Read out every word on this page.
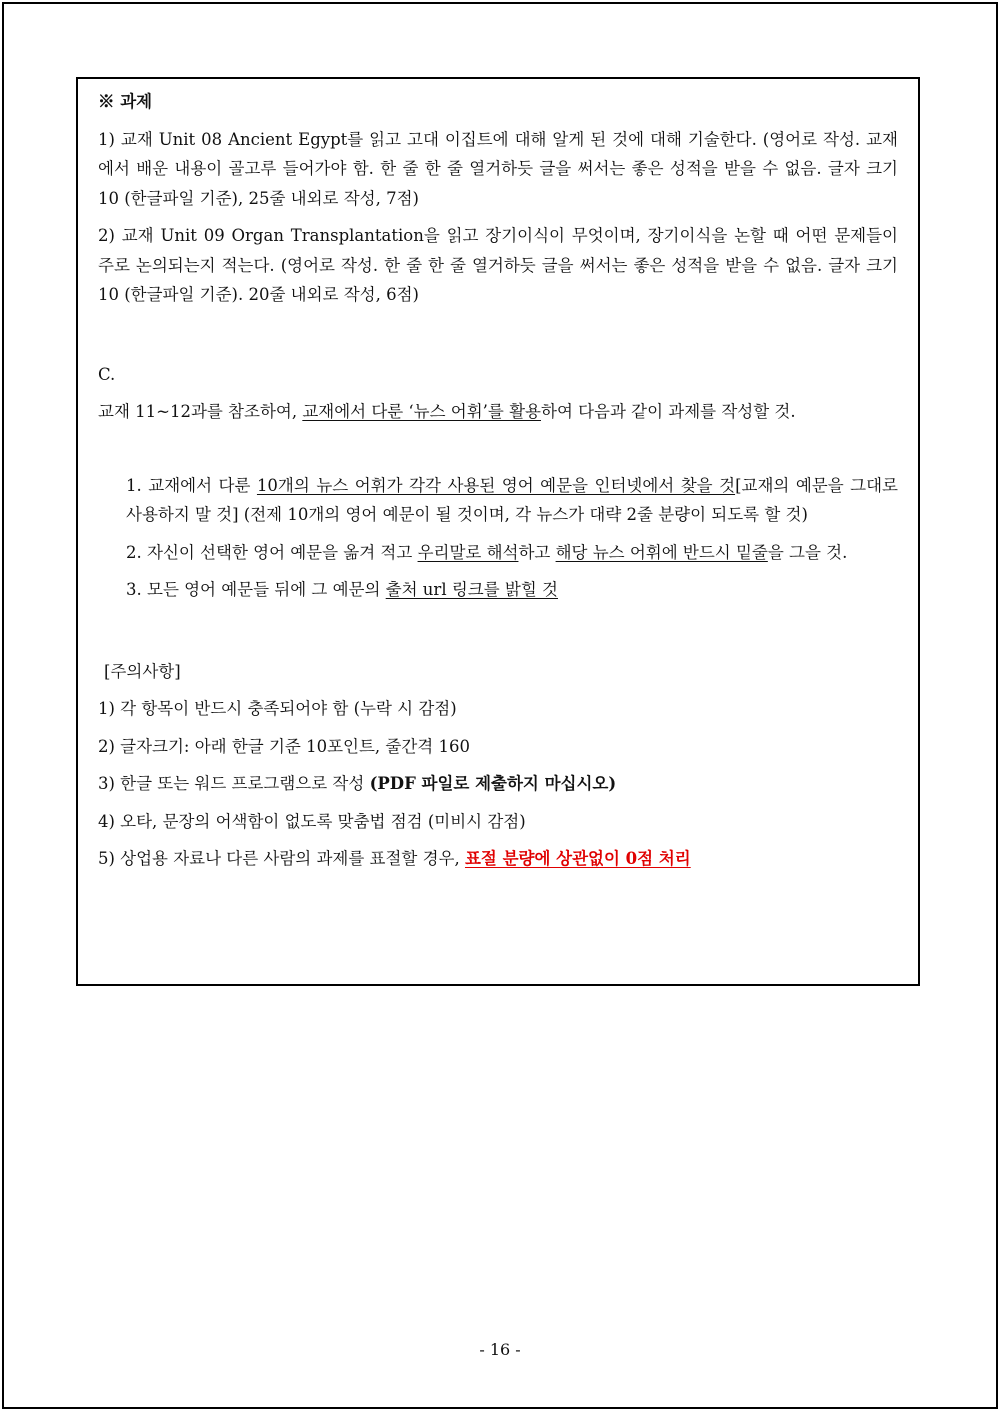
※ 과제

1) 교재 Unit 08 Ancient Egypt를 읽고 고대 이집트에 대해 알게 된 것에 대해 기술한다. (영어로 작성. 교재에서 배운 내용이 골고루 들어가야 함. 한 줄 한 줄 열거하듯 글을 써서는 좋은 성적을 받을 수 없음. 글자 크기 10 (한글파일 기준), 25줄 내외로 작성, 7점)

2) 교재 Unit 09 Organ Transplantation을 읽고 장기이식이 무엇이며, 장기이식을 논할 때 어떤 문제들이 주로 논의되는지 적는다. (영어로 작성. 한 줄 한 줄 열거하듯 글을 써서는 좋은 성적을 받을 수 없음. 글자 크기 10 (한글파일 기준). 20줄 내외로 작성, 6점)

C.

교재 11~12과를 참조하여, 교재에서 다룬 ‘뉴스 어휘’를 활용하여 다음과 같이 과제를 작성할 것.

1. 교재에서 다룬 10개의 뉴스 어휘가 각각 사용된 영어 예문을 인터넷에서 찾을 것[교재의 예문을 그대로 사용하지 말 것] (전제 10개의 영어 예문이 될 것이며, 각 뉴스가 대략 2줄 분량이 되도록 할 것)

2. 자신이 선택한 영어 예문을 옮겨 적고 우리말로 해석하고 해당 뉴스 어휘에 반드시 밑줄을 그을 것.

3. 모든 영어 예문들 뒤에 그 예문의 출처 url 링크를 밝힐 것

[주의사항]

1) 각 항목이 반드시 충족되어야 함 (누락 시 감점)

2) 글자크기: 아래 한글 기준 10포인트, 줄간격 160

3) 한글 또는 워드 프로그램으로 작성 (PDF 파일로 제출하지 마십시오)

4) 오타, 문장의 어색함이 없도록 맞춤법 점검 (미비시 감점)

5) 상업용 자료나 다른 사람의 과제를 표절할 경우, 표절 분량에 상관없이 0점 처리

- 16 -
